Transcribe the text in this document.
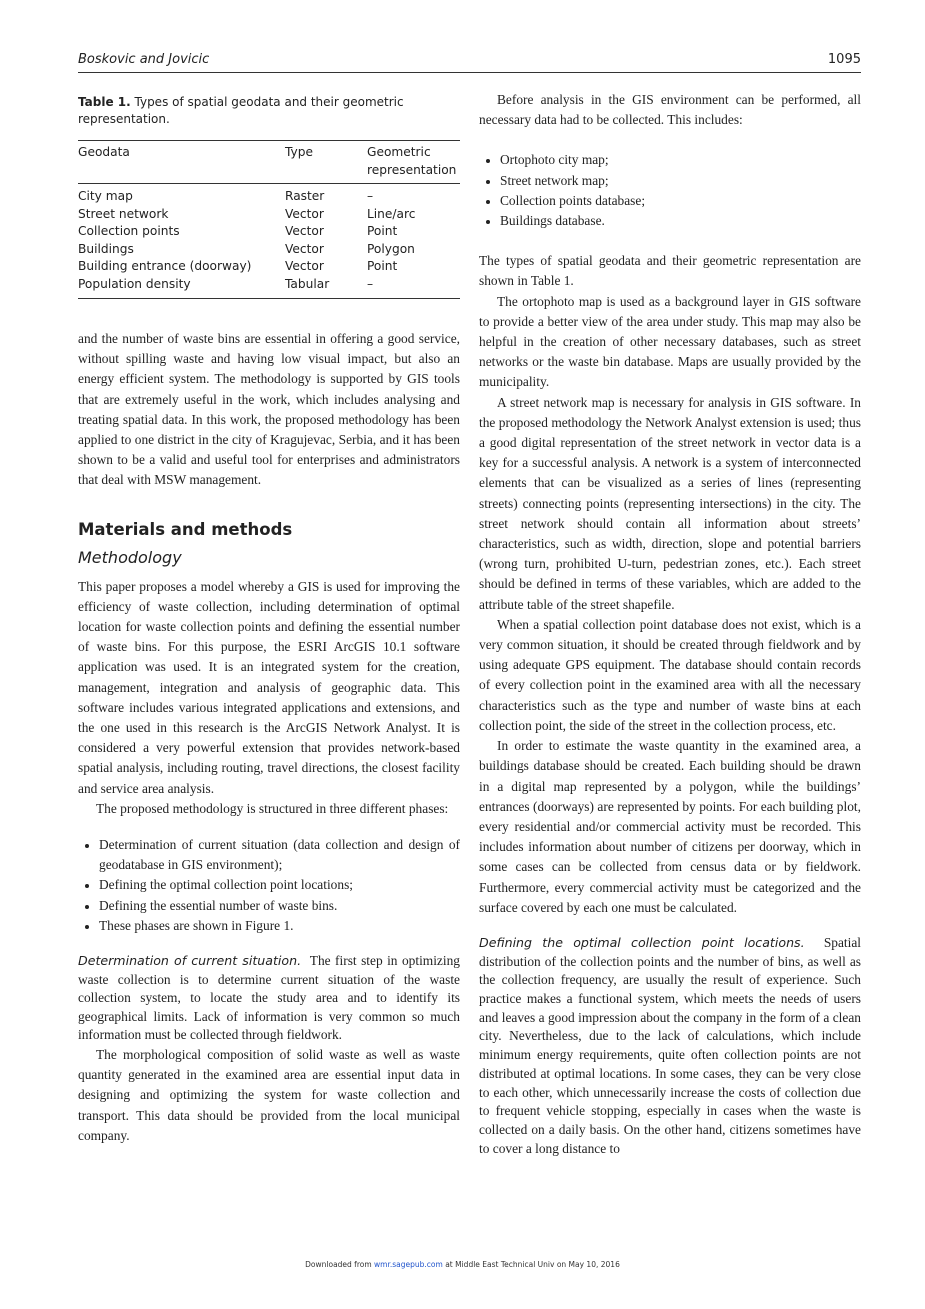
Boskovic and Jovicic	1095
Table 1. Types of spatial geodata and their geometric representation.
Geodata	Type	Geometric representation
City map	Raster	–
Street network	Vector	Line/arc
Collection points	Vector	Point
Buildings	Vector	Polygon
Building entrance (doorway)	Vector	Point
Population density	Tabular	–

and the number of waste bins are essential in offering a good service, without spilling waste and having low visual impact, but also an energy efficient system. The methodology is supported by GIS tools that are extremely useful in the work, which includes analysing and treating spatial data. In this work, the proposed methodology has been applied to one district in the city of Kragujevac, Serbia, and it has been shown to be a valid and useful tool for enterprises and administrators that deal with MSW management.

Materials and methods
Methodology

This paper proposes a model whereby a GIS is used for improving the efficiency of waste collection, including determination of optimal location for waste collection points and defining the essential number of waste bins. For this purpose, the ESRI ArcGIS 10.1 software application was used. It is an integrated system for the creation, management, integration and analysis of geographic data. This software includes various integrated applications and extensions, and the one used in this research is the ArcGIS Network Analyst. It is considered a very powerful extension that provides network-based spatial analysis, including routing, travel directions, the closest facility and service area analysis.

The proposed methodology is structured in three different phases:

• Determination of current situation (data collection and design of geodatabase in GIS environment);
• Defining the optimal collection point locations;
• Defining the essential number of waste bins.
• These phases are shown in Figure 1.

Determination of current situation. The first step in optimizing waste collection is to determine current situation of the waste collection system, to locate the study area and to identify its geographical limits. Lack of information is very common so much information must be collected through fieldwork.

The morphological composition of solid waste as well as waste quantity generated in the examined area are essential input data in designing and optimizing the system for waste collection and transport. This data should be provided from the local municipal company.

Before analysis in the GIS environment can be performed, all necessary data had to be collected. This includes:

• Ortophoto city map;
• Street network map;
• Collection points database;
• Buildings database.

The types of spatial geodata and their geometric representation are shown in Table 1.

The ortophoto map is used as a background layer in GIS software to provide a better view of the area under study. This map may also be helpful in the creation of other necessary databases, such as street networks or the waste bin database. Maps are usually provided by the municipality.

A street network map is necessary for analysis in GIS software. In the proposed methodology the Network Analyst extension is used; thus a good digital representation of the street network in vector data is a key for a successful analysis. A network is a system of interconnected elements that can be visualized as a series of lines (representing streets) connecting points (representing intersections) in the city. The street network should contain all information about streets’ characteristics, such as width, direction, slope and potential barriers (wrong turn, prohibited U-turn, pedestrian zones, etc.). Each street should be defined in terms of these variables, which are added to the attribute table of the street shapefile.

When a spatial collection point database does not exist, which is a very common situation, it should be created through fieldwork and by using adequate GPS equipment. The database should contain records of every collection point in the examined area with all the necessary characteristics such as the type and number of waste bins at each collection point, the side of the street in the collection process, etc.

In order to estimate the waste quantity in the examined area, a buildings database should be created. Each building should be drawn in a digital map represented by a polygon, while the buildings’ entrances (doorways) are represented by points. For each building plot, every residential and/or commercial activity must be recorded. This includes information about number of citizens per doorway, which in some cases can be collected from census data or by fieldwork. Furthermore, every commercial activity must be categorized and the surface covered by each one must be calculated.

Defining the optimal collection point locations. Spatial distribution of the collection points and the number of bins, as well as the collection frequency, are usually the result of experience. Such practice makes a functional system, which meets the needs of users and leaves a good impression about the company in the form of a clean city. Nevertheless, due to the lack of calculations, which include minimum energy requirements, quite often collection points are not distributed at optimal locations. In some cases, they can be very close to each other, which unnecessarily increase the costs of collection due to frequent vehicle stopping, especially in cases when the waste is collected on a daily basis. On the other hand, citizens sometimes have to cover a long distance to

Downloaded from wmr.sagepub.com at Middle East Technical Univ on May 10, 2016
